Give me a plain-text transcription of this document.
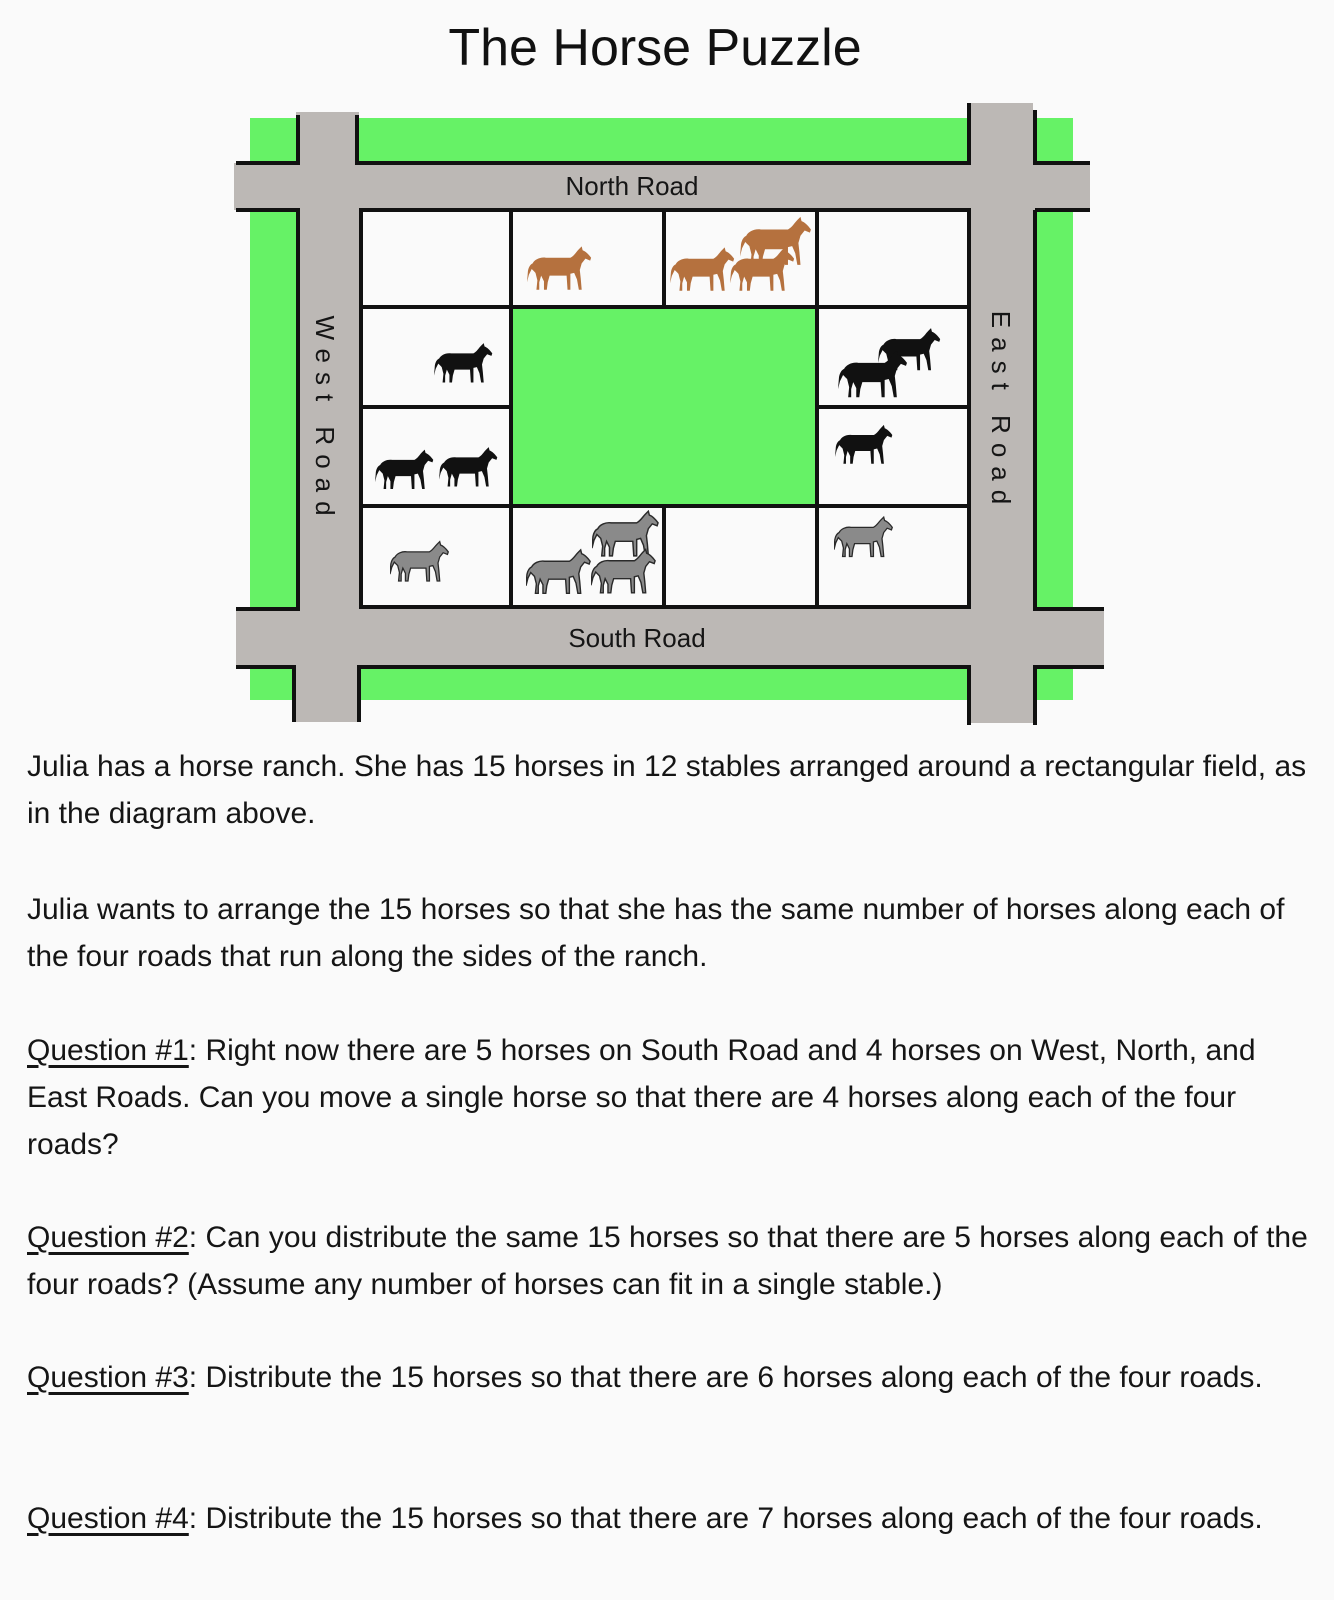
The Horse Puzzle
North Road
South Road
West Road	East Road

Julia has a horse ranch. She has 15 horses in 12 stables arranged around a rectangular field, as in the diagram above.

Julia wants to arrange the 15 horses so that she has the same number of horses along each of the four roads that run along the sides of the ranch.

Question #1: Right now there are 5 horses on South Road and 4 horses on West, North, and East Roads. Can you move a single horse so that there are 4 horses along each of the four roads?

Question #2: Can you distribute the same 15 horses so that there are 5 horses along each of the four roads? (Assume any number of horses can fit in a single stable.)

Question #3: Distribute the 15 horses so that there are 6 horses along each of the four roads.

Question #4: Distribute the 15 horses so that there are 7 horses along each of the four roads.
